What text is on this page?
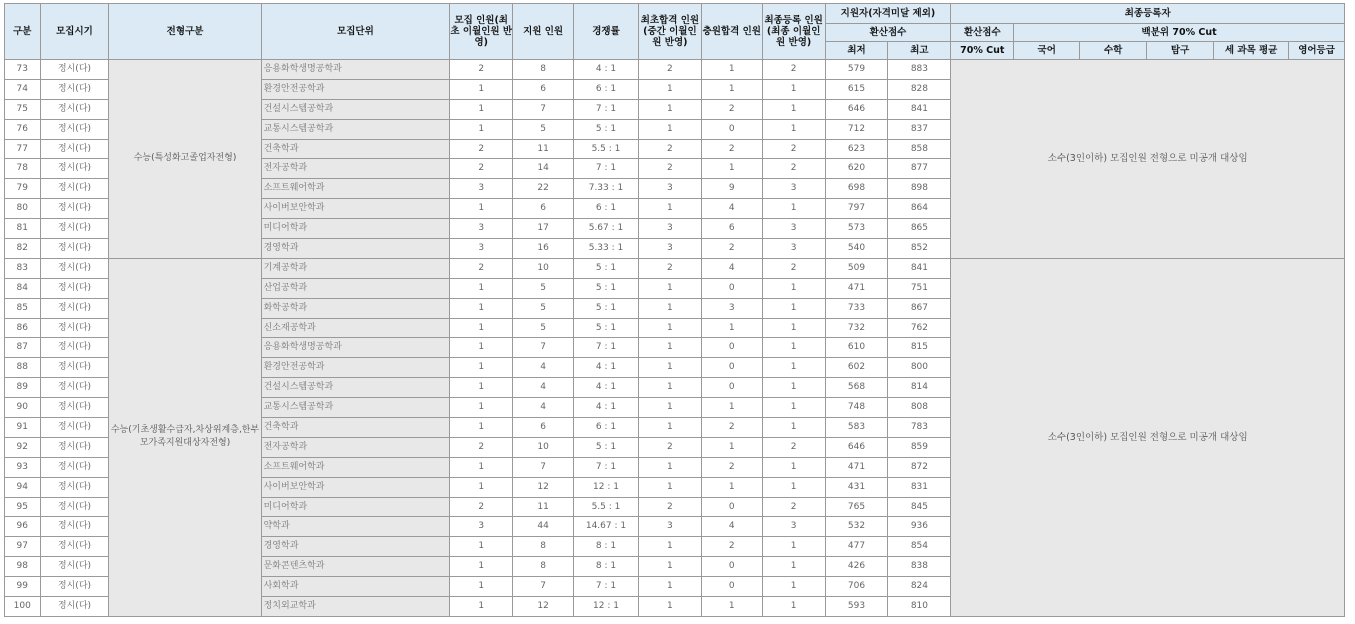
구분	모집시기	전형구분	모집단위	모집 인원(최초 이월인원 반영)	지원 인원	경쟁률	최초합격 인원(중간 이월인원 반영)	충원합격 인원	최종등록 인원(최종 이월인원 반영)	지원자(자격미달 제외)		최종등록자					
										환산점수		환산점수	백분위 70% Cut				
										최저	최고	70% Cut	국어	수학	탐구	세 과목 평균	영어등급
73	정시(다)	수능(특성화고졸업자전형)	응용화학생명공학과	2	8	4 : 1	2	1	2	579	883	소수(3인이하) 모집인원 전형으로 미공개 대상임					
74	정시(다)		환경안전공학과	1	6	6 : 1	1	1	1	615	828						
75	정시(다)		건설시스템공학과	1	7	7 : 1	1	2	1	646	841						
76	정시(다)		교통시스템공학과	1	5	5 : 1	1	0	1	712	837						
77	정시(다)		건축학과	2	11	5.5 : 1	2	2	2	623	858						
78	정시(다)		전자공학과	2	14	7 : 1	2	1	2	620	877						
79	정시(다)		소프트웨어학과	3	22	7.33 : 1	3	9	3	698	898						
80	정시(다)		사이버보안학과	1	6	6 : 1	1	4	1	797	864						
81	정시(다)		미디어학과	3	17	5.67 : 1	3	6	3	573	865						
82	정시(다)		경영학과	3	16	5.33 : 1	3	2	3	540	852						
83	정시(다)	수능(기초생활수급자,차상위계층,한부모가족지원대상자전형)	기계공학과	2	10	5 : 1	2	4	2	509	841	소수(3인이하) 모집인원 전형으로 미공개 대상임					
84	정시(다)		산업공학과	1	5	5 : 1	1	0	1	471	751						
85	정시(다)		화학공학과	1	5	5 : 1	1	3	1	733	867						
86	정시(다)		신소재공학과	1	5	5 : 1	1	1	1	732	762						
87	정시(다)		응용화학생명공학과	1	7	7 : 1	1	0	1	610	815						
88	정시(다)		환경안전공학과	1	4	4 : 1	1	0	1	602	800						
89	정시(다)		건설시스템공학과	1	4	4 : 1	1	0	1	568	814						
90	정시(다)		교통시스템공학과	1	4	4 : 1	1	1	1	748	808						
91	정시(다)		건축학과	1	6	6 : 1	1	2	1	583	783						
92	정시(다)		전자공학과	2	10	5 : 1	2	1	2	646	859						
93	정시(다)		소프트웨어학과	1	7	7 : 1	1	2	1	471	872						
94	정시(다)		사이버보안학과	1	12	12 : 1	1	1	1	431	831						
95	정시(다)		미디어학과	2	11	5.5 : 1	2	0	2	765	845						
96	정시(다)		약학과	3	44	14.67 : 1	3	4	3	532	936						
97	정시(다)		경영학과	1	8	8 : 1	1	2	1	477	854						
98	정시(다)		문화콘텐츠학과	1	8	8 : 1	1	0	1	426	838						
99	정시(다)		사회학과	1	7	7 : 1	1	0	1	706	824						
100	정시(다)		정치외교학과	1	12	12 : 1	1	1	1	593	810						
